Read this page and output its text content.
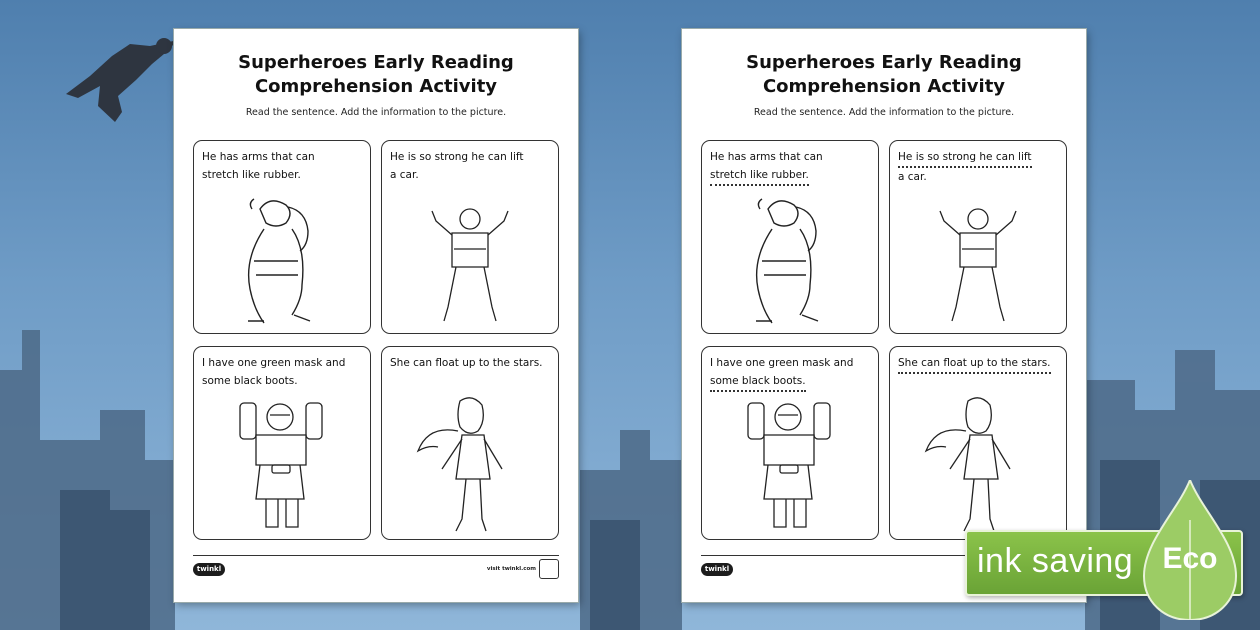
Superheroes Early Reading
Comprehension Activity
Read the sentence. Add the information to the picture.
He has arms that can
stretch like rubber.
He is so strong he can lift
a car.
I have one green mask and
some black boots.
She can float up to the stars.
twinkl	visit twinkl.com
Superheroes Early Reading
Comprehension Activity
Read the sentence. Add the information to the picture.
He has arms that can
stretch like rubber.
He is so strong he can lift
a car.
I have one green mask and
some black boots.
She can float up to the stars.
twinkl	ink saving Eco
